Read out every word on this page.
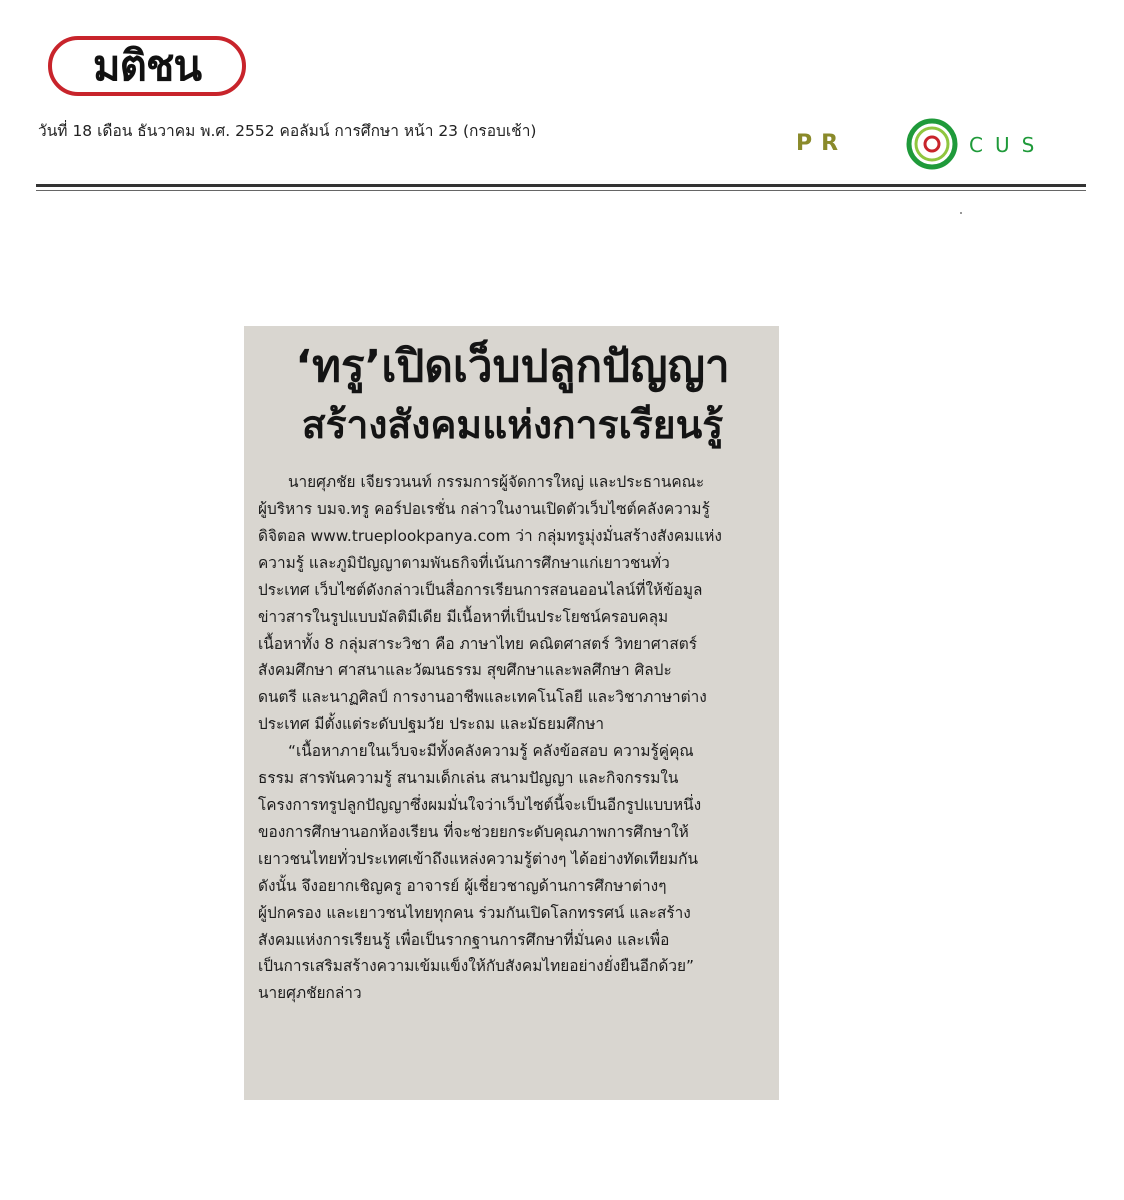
มติชน
วันที่ 18 เดือน ธันวาคม พ.ศ. 2552 คอลัมน์ การศึกษา หน้า 23 (กรอบเช้า)	PR	CUS
‘ทรู’เปิดเว็บปลูกปัญญา
สร้างสังคมแห่งการเรียนรู้
นายศุภชัย เจียรวนนท์ กรรมการผู้จัดการใหญ่ และประธานคณะ
ผู้บริหาร บมจ.ทรู คอร์ปอเรชั่น กล่าวในงานเปิดตัวเว็บไซต์คลังความรู้
ดิจิตอล www.trueplookpanya.com ว่า กลุ่มทรูมุ่งมั่นสร้างสังคมแห่ง
ความรู้ และภูมิปัญญาตามพันธกิจที่เน้นการศึกษาแก่เยาวชนทั่ว
ประเทศ เว็บไซต์ดังกล่าวเป็นสื่อการเรียนการสอนออนไลน์ที่ให้ข้อมูล
ข่าวสารในรูปแบบมัลติมีเดีย มีเนื้อหาที่เป็นประโยชน์ครอบคลุม
เนื้อหาทั้ง 8 กลุ่มสาระวิชา คือ ภาษาไทย คณิตศาสตร์ วิทยาศาสตร์
สังคมศึกษา ศาสนาและวัฒนธรรม สุขศึกษาและพลศึกษา ศิลปะ
ดนตรี และนาฏศิลป์ การงานอาชีพและเทคโนโลยี และวิชาภาษาต่าง
ประเทศ มีตั้งแต่ระดับปฐมวัย ประถม และมัธยมศึกษา
“เนื้อหาภายในเว็บจะมีทั้งคลังความรู้ คลังข้อสอบ ความรู้คู่คุณ
ธรรม สารพันความรู้ สนามเด็กเล่น สนามปัญญา และกิจกรรมใน
โครงการทรูปลูกปัญญาซึ่งผมมั่นใจว่าเว็บไซต์นี้จะเป็นอีกรูปแบบหนึ่ง
ของการศึกษานอกห้องเรียน ที่จะช่วยยกระดับคุณภาพการศึกษาให้
เยาวชนไทยทั่วประเทศเข้าถึงแหล่งความรู้ต่างๆ ได้อย่างทัดเทียมกัน
ดังนั้น จึงอยากเชิญครู อาจารย์ ผู้เชี่ยวชาญด้านการศึกษาต่างๆ
ผู้ปกครอง และเยาวชนไทยทุกคน ร่วมกันเปิดโลกทรรศน์ และสร้าง
สังคมแห่งการเรียนรู้ เพื่อเป็นรากฐานการศึกษาที่มั่นคง และเพื่อ
เป็นการเสริมสร้างความเข้มแข็งให้กับสังคมไทยอย่างยั่งยืนอีกด้วย”
นายศุภชัยกล่าว
